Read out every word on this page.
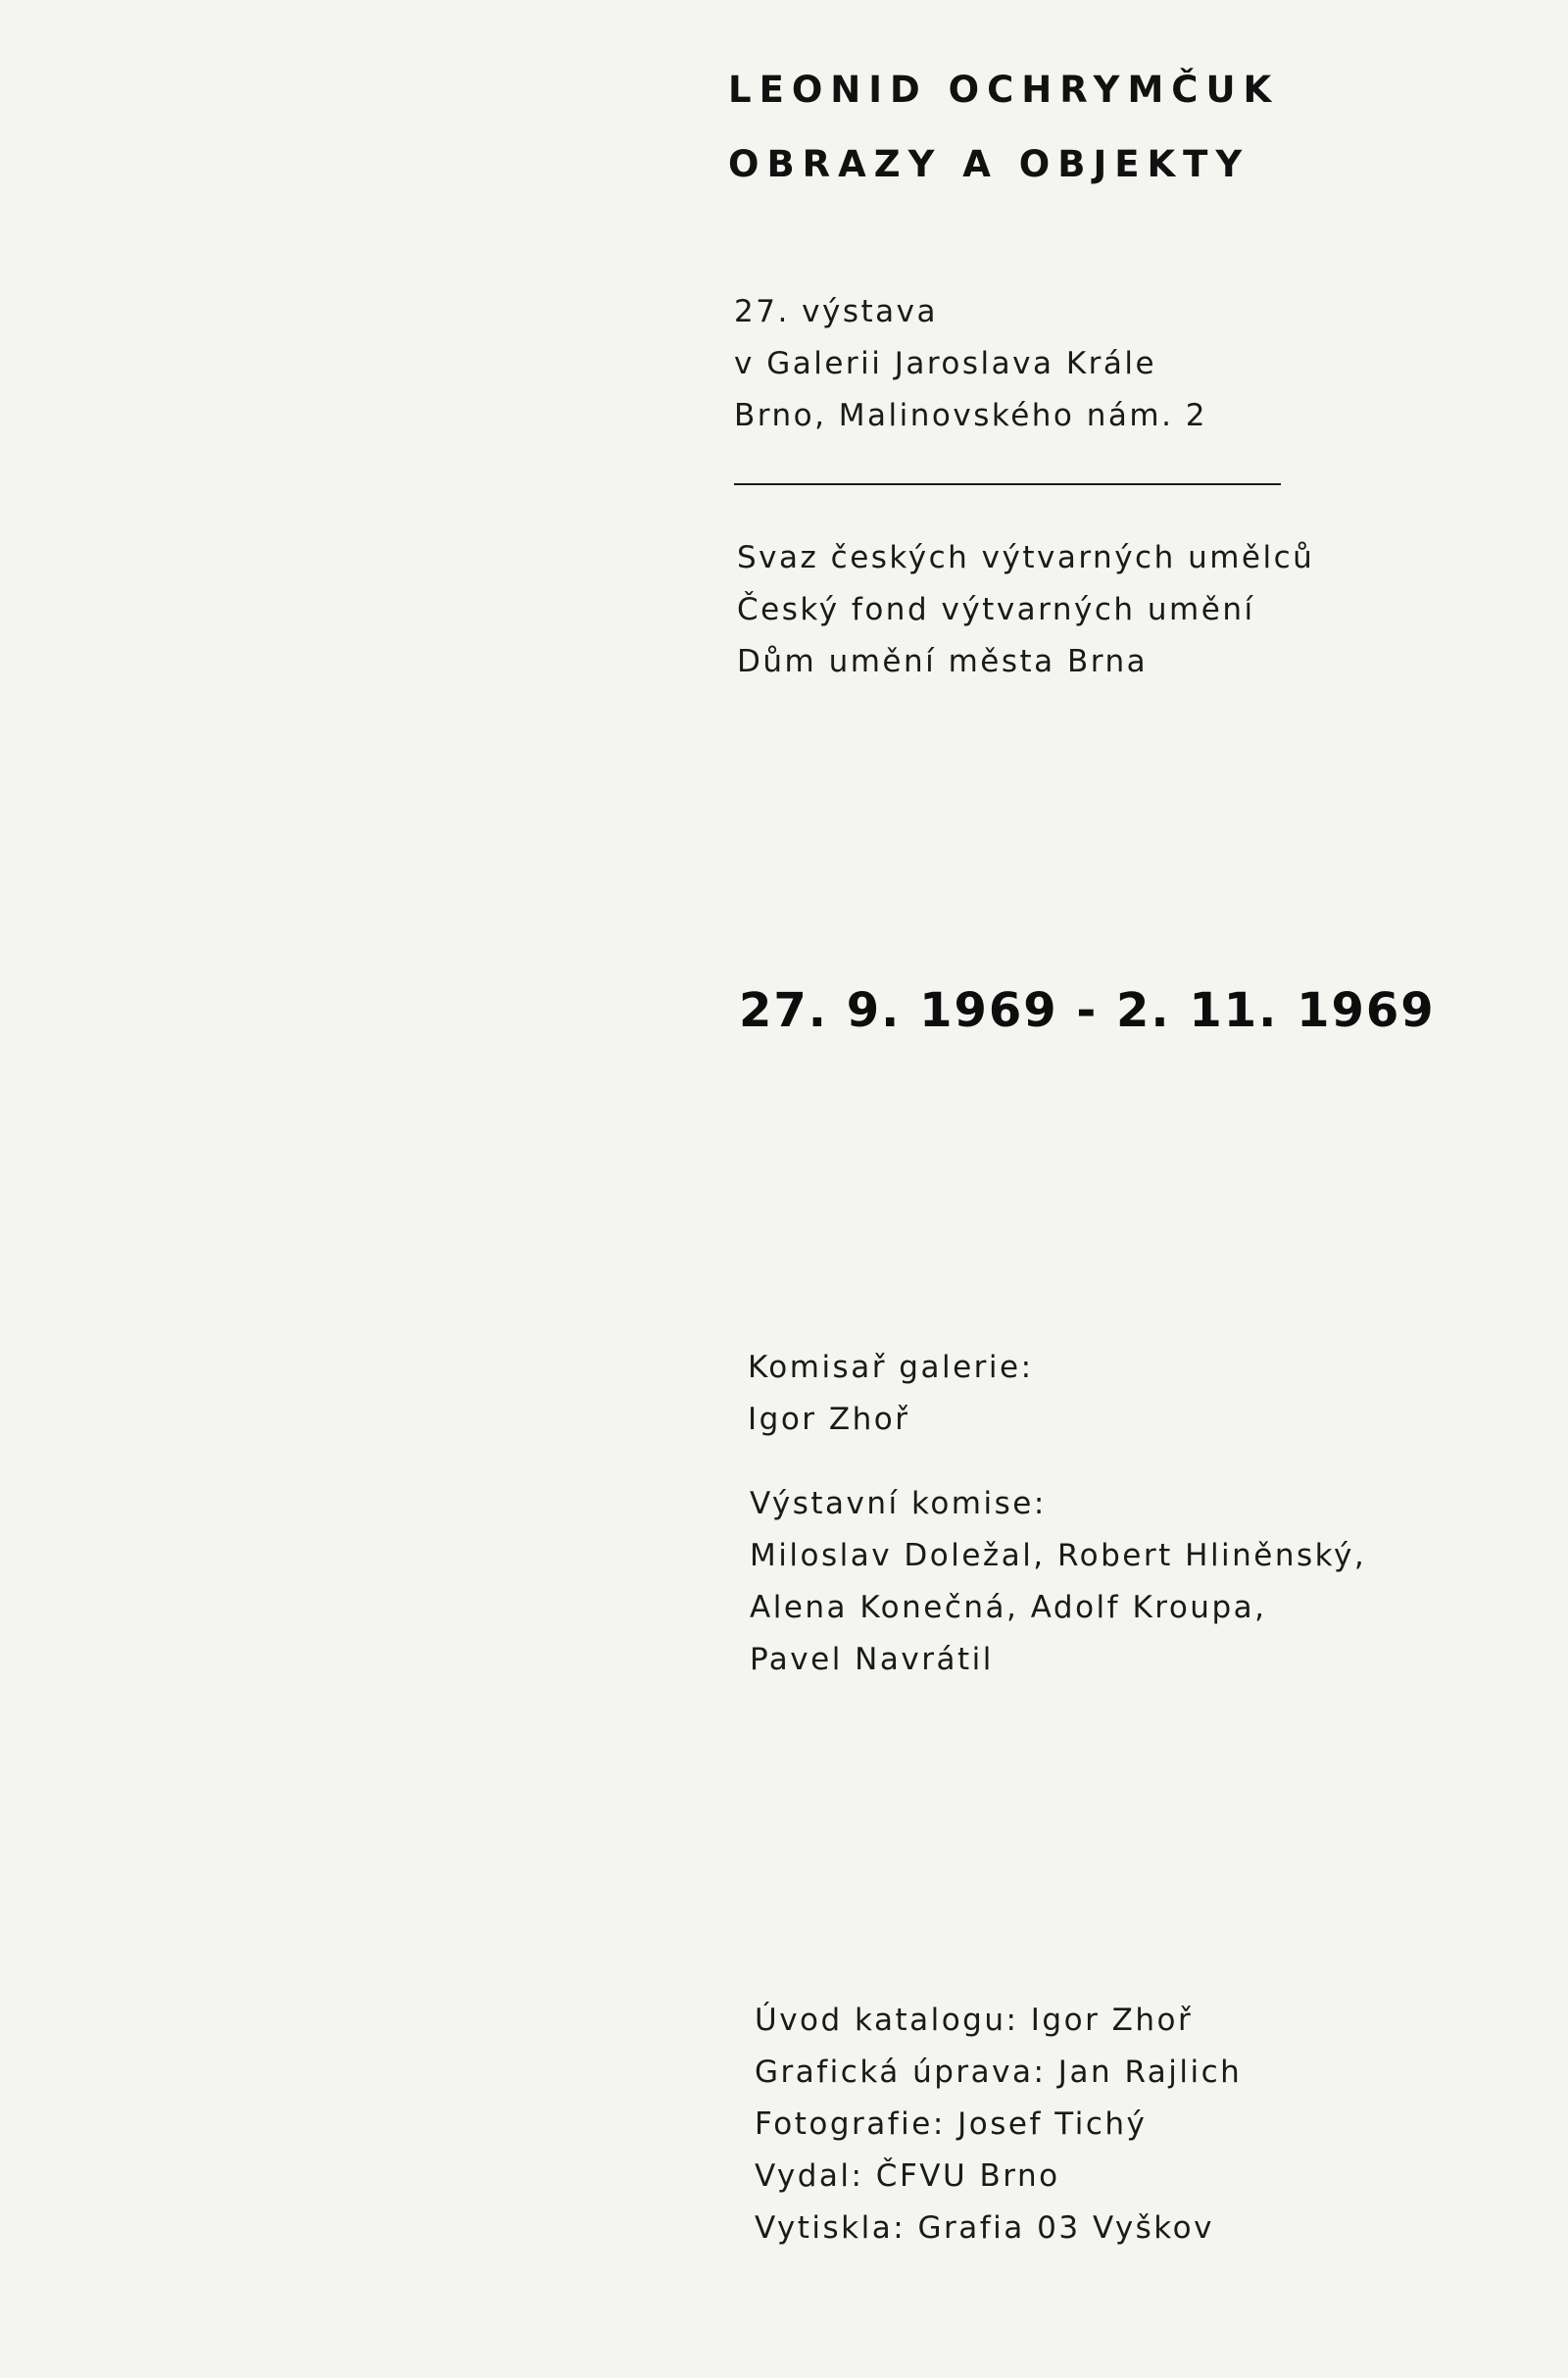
LEONID OCHRYMČUK
OBRAZY A OBJEKTY
27. výstava
v Galerii Jaroslava Krále
Brno, Malinovského nám. 2
Svaz českých výtvarných umělců
Český fond výtvarných umění
Dům umění města Brna
27. 9. 1969 - 2. 11. 1969
Komisař galerie:
Igor Zhoř
Výstavní komise:
Miloslav Doležal, Robert Hliněnský,
Alena Konečná, Adolf Kroupa,
Pavel Navrátil
Úvod katalogu: Igor Zhoř
Grafická úprava: Jan Rajlich
Fotografie: Josef Tichý
Vydal: ČFVU Brno
Vytiskla: Grafia 03 Vyškov
